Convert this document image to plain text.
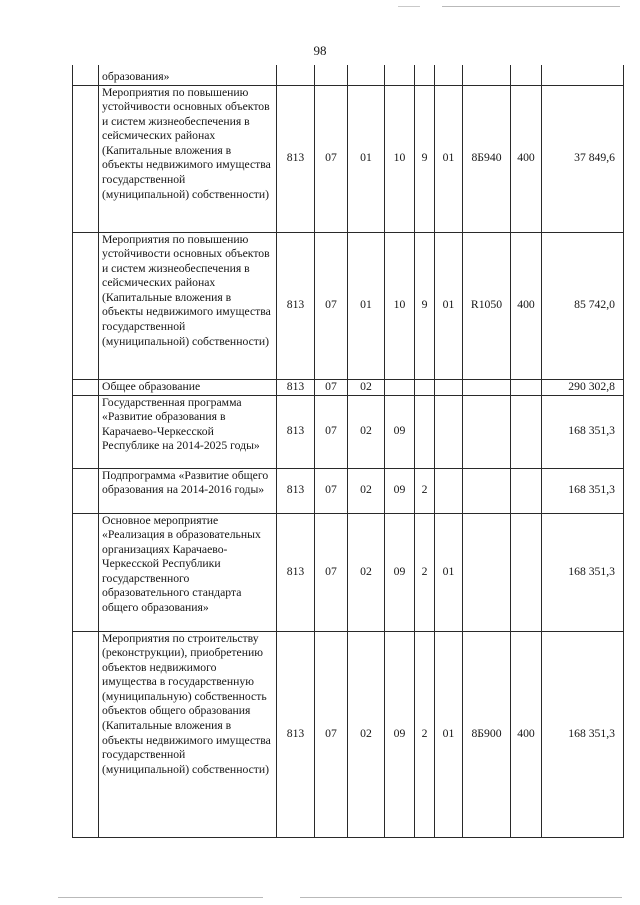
98

	образования»									

	Мероприятия по повышению устойчивости основных объектов и систем жизнеобеспечения в сейсмических районах (Капитальные вложения в объекты недвижимого имущества государственной (муниципальной) собственности)	813	07	01	10	9	01	8Б940	400	37 849,6

	Мероприятия по повышению устойчивости основных объектов и систем жизнеобеспечения в сейсмических районах (Капитальные вложения в объекты недвижимого имущества государственной (муниципальной) собственности)	813	07	01	10	9	01	R1050	400	85 742,0

	Общее образование	813	07	02						290 302,8

	Государственная программа «Развитие образования в Карачаево-Черкесской Республике на 2014-2025 годы»	813	07	02	09					168 351,3

	Подпрограмма «Развитие общего образования на 2014-2016 годы»	813	07	02	09	2				168 351,3

	Основное мероприятие «Реализация в образовательных организациях Карачаево-Черкесской Республики государственного образовательного стандарта общего образования»	813	07	02	09	2	01			168 351,3

	Мероприятия по строительству (реконструкции), приобретению объектов недвижимого имущества в государственную (муниципальную) собственность объектов общего образования (Капитальные вложения в объекты недвижимого имущества государственной (муниципальной) собственности)	813	07	02	09	2	01	8Б900	400	168 351,3
